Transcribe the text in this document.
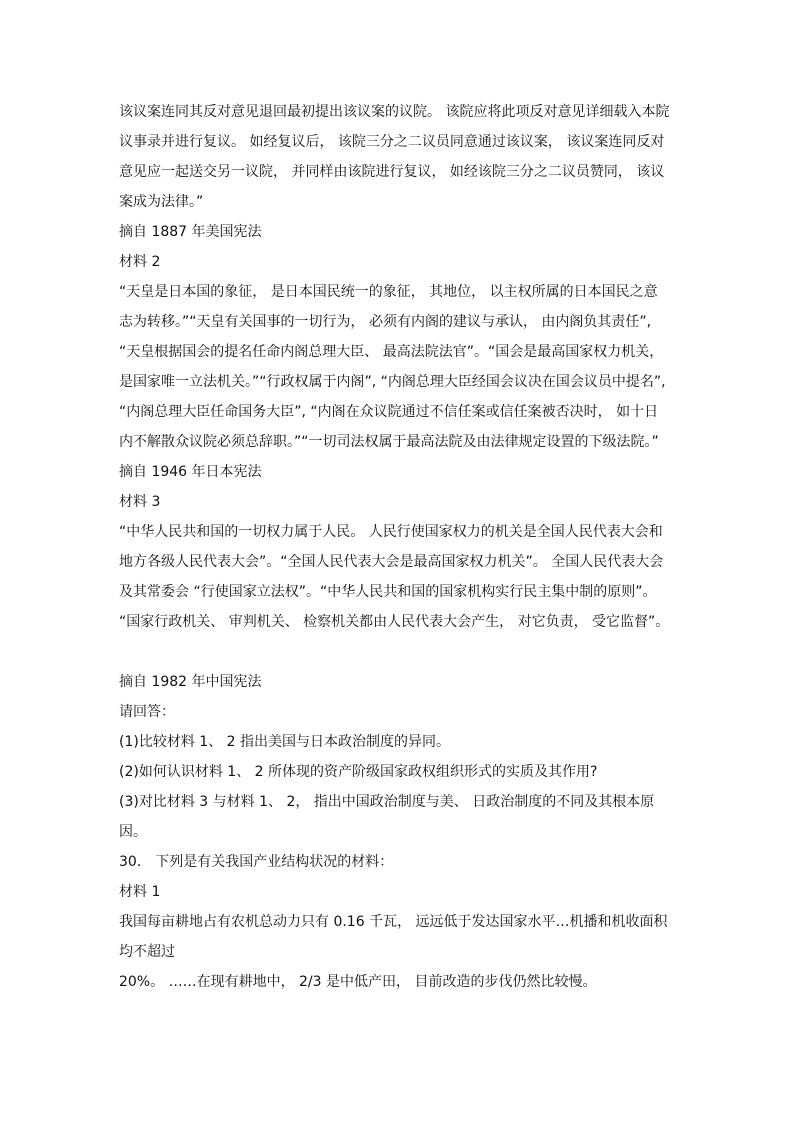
该议案连同其反对意见退回最初提出该议案的议院。 该院应将此项反对意见详细载入本院
议事录并进行复议。 如经复议后， 该院三分之二议员同意通过该议案， 该议案连同反对
意见应一起送交另一议院， 并同样由该院进行复议， 如经该院三分之二议员赞同， 该议
案成为法律。”
摘自 1887 年美国宪法
材料 2
“天皇是日本国的象征， 是日本国民统一的象征， 其地位， 以主权所属的日本国民之意
志为转移。”“天皇有关国事的一切行为， 必须有内阁的建议与承认， 由内阁负其责任”,
“天皇根据国会的提名任命内阁总理大臣、 最高法院法官”。“国会是最高国家权力机关，
是国家唯一立法机关。”“行政权属于内阁”, “内阁总理大臣经国会议决在国会议员中提名”,
“内阁总理大臣任命国务大臣”, “内阁在众议院通过不信任案或信任案被否决时， 如十日
内不解散众议院必须总辞职。”“一切司法权属于最高法院及由法律规定设置的下级法院。”
摘自 1946 年日本宪法
材料 3
“中华人民共和国的一切权力属于人民。 人民行使国家权力的机关是全国人民代表大会和
地方各级人民代表大会”。“全国人民代表大会是最高国家权力机关”。 全国人民代表大会
及其常委会 “行使国家立法权”。“中华人民共和国的国家机构实行民主集中制的原则”。
“国家行政机关、 审判机关、 检察机关都由人民代表大会产生， 对它负责， 受它监督”。
摘自 1982 年中国宪法
请回答：
(1)比较材料 1、 2 指出美国与日本政治制度的异同。
(2)如何认识材料 1、 2 所体现的资产阶级国家政权组织形式的实质及其作用?
(3)对比材料 3 与材料 1、 2， 指出中国政治制度与美、 日政治制度的不同及其根本原
因。
30． 下列是有关我国产业结构状况的材料：
材料 1
我国每亩耕地占有农机总动力只有 0.16 千瓦， 远远低于发达国家水平…机播和机收面积
均不超过
20%。 ……在现有耕地中， 2/3 是中低产田， 目前改造的步伐仍然比较慢。
